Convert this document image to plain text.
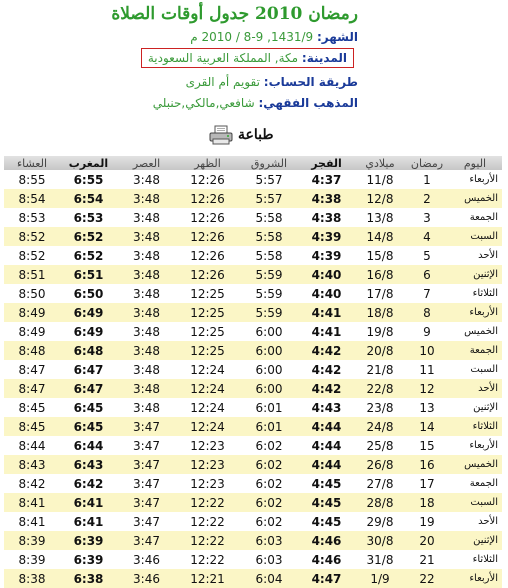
رمضان 2010 جدول أوقات الصلاة
الشهر: 1431/9, 9-8 / 2010 م
المدينة: مكة, المملكة العربية السعودية
طريقة الحساب: تقويم أم القرى
المذهب الفقهي: شافعي,مالكي,حنبلي
طباعة
اليوم	رمضان	ميلادي	الفجر	الشروق	الظهر	العصر	المغرب	العشاء
الأربعاء	1	11/8	4:37	5:57	12:26	3:48	6:55	8:55
الخميس	2	12/8	4:38	5:57	12:26	3:48	6:54	8:54
الجمعة	3	13/8	4:38	5:58	12:26	3:48	6:53	8:53
السبت	4	14/8	4:39	5:58	12:26	3:48	6:52	8:52
الأحد	5	15/8	4:39	5:58	12:26	3:48	6:52	8:52
الإثنين	6	16/8	4:40	5:59	12:26	3:48	6:51	8:51
الثلاثاء	7	17/8	4:40	5:59	12:25	3:48	6:50	8:50
الأربعاء	8	18/8	4:41	5:59	12:25	3:48	6:49	8:49
الخميس	9	19/8	4:41	6:00	12:25	3:48	6:49	8:49
الجمعة	10	20/8	4:42	6:00	12:25	3:48	6:48	8:48
السبت	11	21/8	4:42	6:00	12:24	3:48	6:47	8:47
الأحد	12	22/8	4:42	6:00	12:24	3:48	6:47	8:47
الإثنين	13	23/8	4:43	6:01	12:24	3:48	6:45	8:45
الثلاثاء	14	24/8	4:44	6:01	12:24	3:47	6:45	8:45
الأربعاء	15	25/8	4:44	6:02	12:23	3:47	6:44	8:44
الخميس	16	26/8	4:44	6:02	12:23	3:47	6:43	8:43
الجمعة	17	27/8	4:45	6:02	12:23	3:47	6:42	8:42
السبت	18	28/8	4:45	6:02	12:22	3:47	6:41	8:41
الأحد	19	29/8	4:45	6:02	12:22	3:47	6:41	8:41
الإثنين	20	30/8	4:46	6:03	12:22	3:47	6:39	8:39
الثلاثاء	21	31/8	4:46	6:03	12:22	3:46	6:39	8:39
الأربعاء	22	1/9	4:47	6:04	12:21	3:46	6:38	8:38
